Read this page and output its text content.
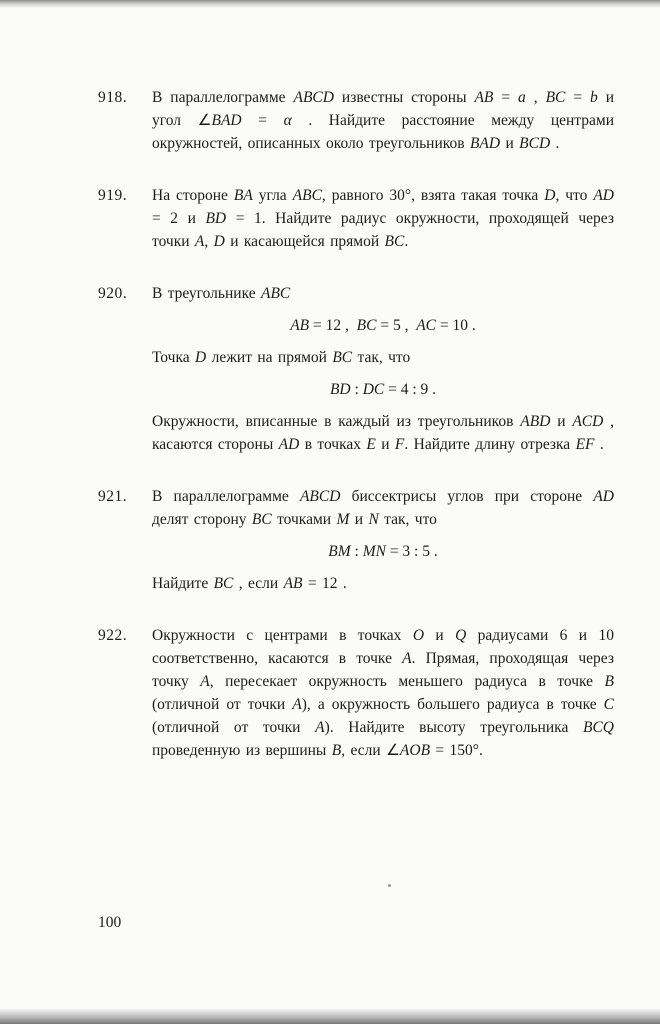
918.	В параллелограмме ABCD известны стороны AB = a , BC = b и угол ∠BAD = α . Найдите расстояние между центрами окружностей, описанных около треугольников BAD и BCD .
919.	На стороне BA угла ABC, равного 30°, взята такая точка D, что AD = 2 и BD = 1. Найдите радиус окружности, проходящей через точки A, D и касающейся прямой BC.
920.	В треугольнике ABC
AB = 12 , BC = 5 , AC = 10 .
Точка D лежит на прямой BC так, что
BD : DC = 4 : 9 .
Окружности, вписанные в каждый из треугольников ABD и ACD , касаются стороны AD в точках E и F. Найдите длину отрезка EF .
921.	В параллелограмме ABCD биссектрисы углов при стороне AD делят сторону BC точками M и N так, что
BM : MN = 3 : 5 .
Найдите BC , если AB = 12 .
922.	Окружности с центрами в точках O и Q радиусами 6 и 10 соответственно, касаются в точке A. Прямая, проходящая через точку A, пересекает окружность меньшего радиуса в точке B (отличной от точки A), а окружность большего радиуса в точке C (отличной от точки A). Найдите высоту треугольника BCQ проведенную из вершины B, если ∠AOB = 150°.
100
